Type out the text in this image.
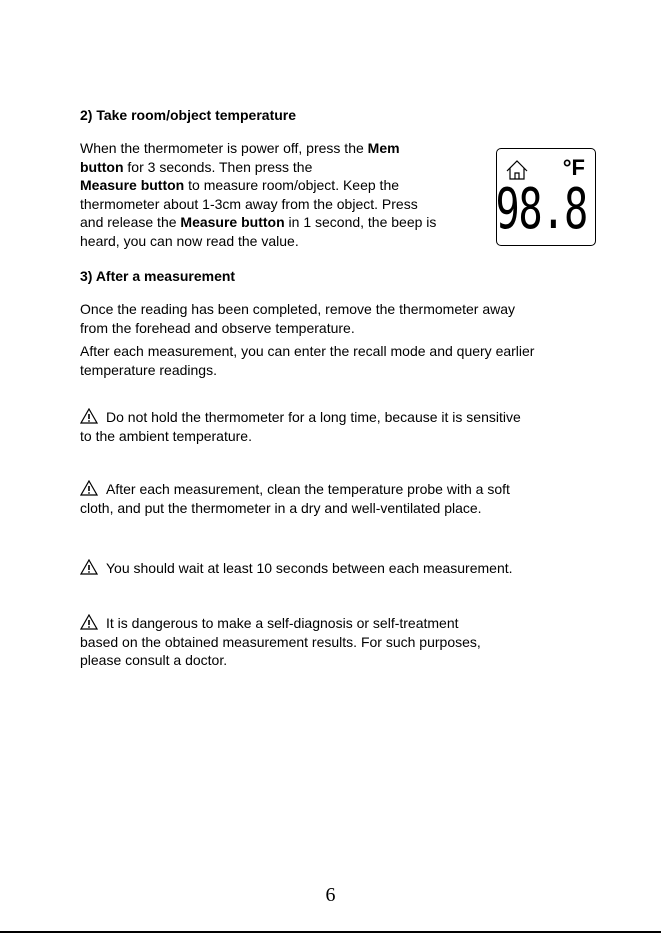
2) Take room/object temperature
When the thermometer is power off, press the Mem
button for 3 seconds. Then press the
Measure button to measure room/object. Keep the
thermometer about 1-3cm away from the object. Press
and release the Measure button in 1 second, the beep is
heard, you can now read the value.
°F
98.8
3) After a measurement
Once the reading has been completed, remove the thermometer away
from the forehead and observe temperature.
After each measurement, you can enter the recall mode and query earlier
temperature readings.
Do not hold the thermometer for a long time, because it is sensitive
to the ambient temperature.
After each measurement, clean the temperature probe with a soft
cloth, and put the thermometer in a dry and well-ventilated place.
You should wait at least 10 seconds between each measurement.
It is dangerous to make a self-diagnosis or self-treatment
based on the obtained measurement results. For such purposes,
please consult a doctor.
6
